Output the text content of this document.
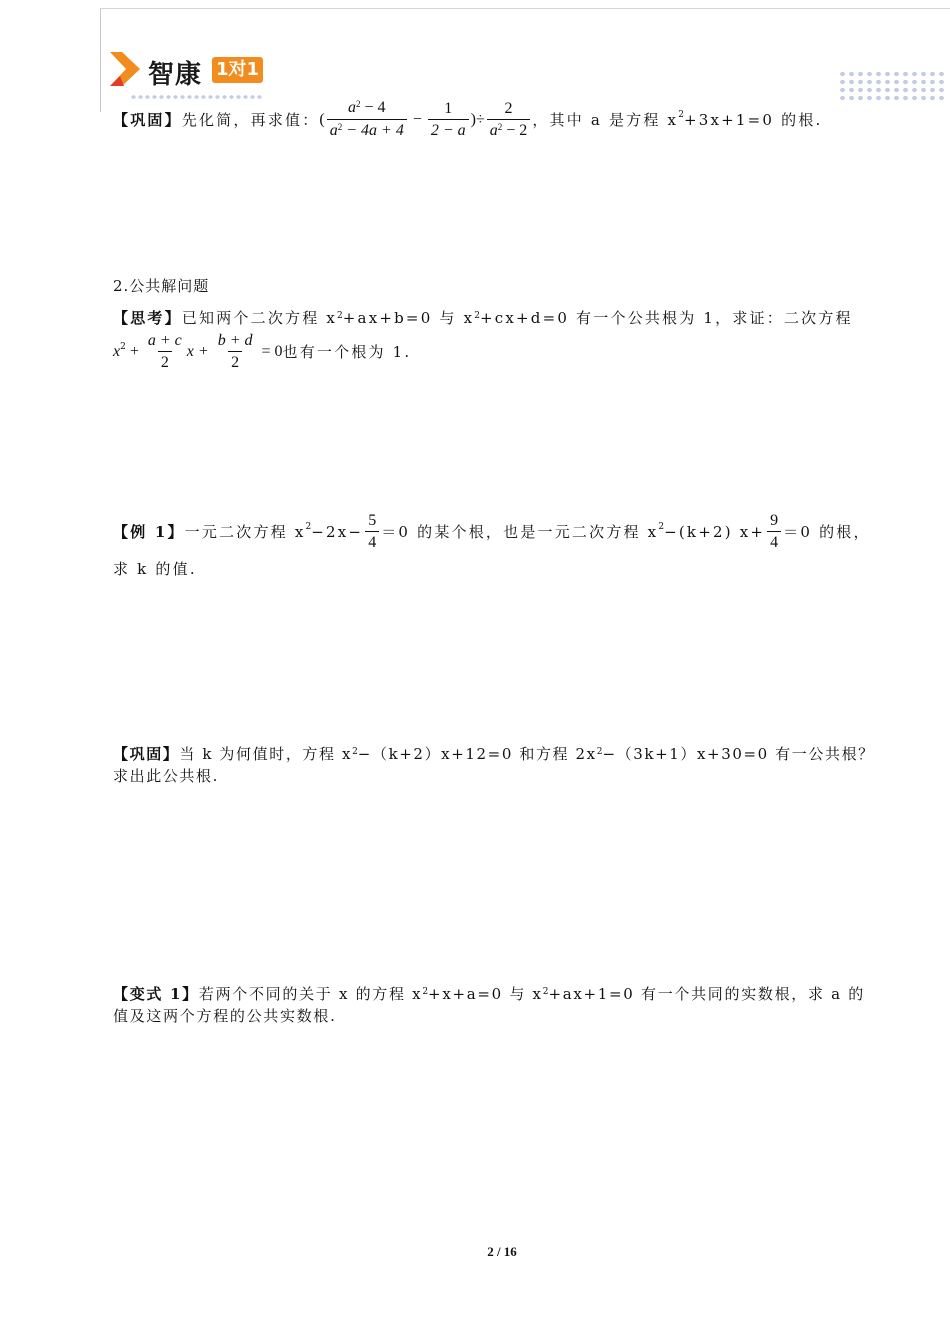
智康 1对1
【巩固】 先化简，再求值： ( $\frac{a^2 - 4}{a^2 - 4a + 4} - \frac{1}{2 - a}$ )÷ $\frac{2}{a^2 - 2}$ ，其中 a 是方程 x 2 +3x+1=0 的根.
2.公共解问题
【思考】已知两个二次方程 $x^2+ax+b=0$ 与 $x^2+cx+d=0$ 有一个公共根为 1，求证：二次方程
x $2 + \frac{a + c}{2}$ $x + \frac{b + d}{2} = 0$ 也有一个根为 1.
【例 1】 一元二次方程 x $2 -2x- \frac{5}{4} =0$ 的某个根，也是一元二次方程 x 2 −(k+2) $x+ \frac{9}{4} =0$ 的根，
求 k 的值.
【巩固】当 k 为何值时，方程 $x^2-(k+2)x+12=0$ 和方程 $2x^2-(3k+1)x+30=0$ 有一公共根？
求出此公共根.
【变式 1】若两个不同的关于 x 的方程 $x^2+x+a=0$ 与 $x^2+ax+1=0$ 有一个共同的实数根，求 a 的
值及这两个方程的公共实数根.
2 / 16
